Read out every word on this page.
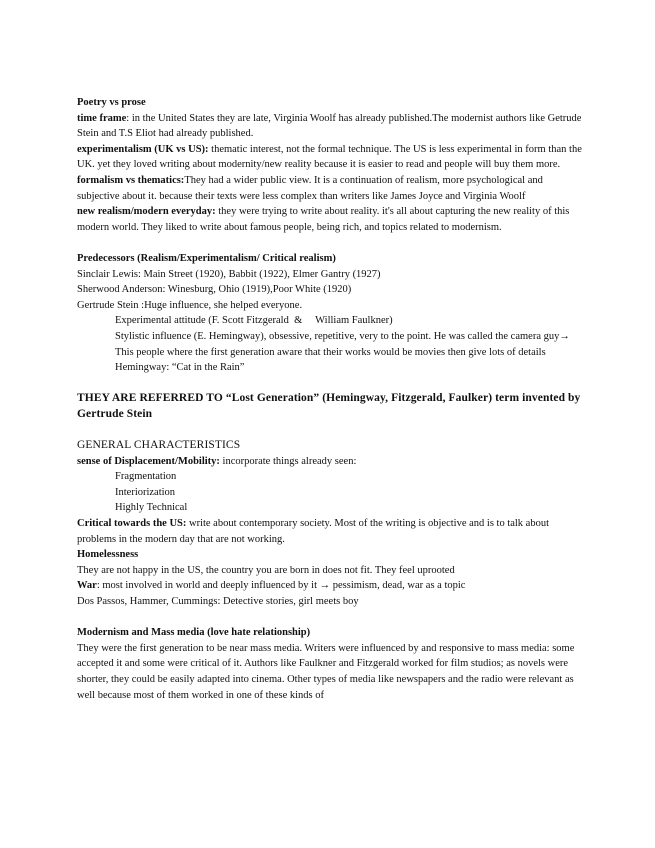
Poetry vs prose
time frame: in the United States they are late, Virginia Woolf has already published.The modernist authors like Getrude Stein and T.S Eliot had already published.
experimentalism (UK vs US): thematic interest, not the formal technique. The US is less experimental in form than the UK. yet they loved writing about modernity/new reality because it is easier to read and people will buy them more.
formalism vs thematics:They had a wider public view. It is a continuation of realism, more psychological and subjective about it. because their texts were less complex than writers like James Joyce and Virginia Woolf
new realism/modern everyday: they were trying to write about reality. it's all about capturing the new reality of this modern world. They liked to write about famous people, being rich, and topics related to modernism.
Predecessors (Realism/Experimentalism/ Critical realism)
Sinclair Lewis: Main Street (1920), Babbit (1922), Elmer Gantry (1927)
Sherwood Anderson: Winesburg, Ohio (1919),Poor White (1920)
Gertrude Stein :Huge influence, she helped everyone.
Experimental attitude (F. Scott Fitzgerald  &     William Faulkner)
Stylistic influence (E. Hemingway), obsessive, repetitive, very to the point. He was called the camera guy→ This people where the first generation aware that their works would be movies then give lots of details
Hemingway: “Cat in the Rain”
THEY ARE REFERRED TO “Lost Generation” (Hemingway, Fitzgerald, Faulker) term invented by Gertrude Stein
GENERAL CHARACTERISTICS
sense of Displacement/Mobility: incorporate things already seen:
Fragmentation
Interiorization
Highly Technical
Critical towards the US: write about contemporary society. Most of the writing is objective and is to talk about problems in the modern day that are not working.
Homelessness
They are not happy in the US, the country you are born in does not fit. They feel uprooted
War: most involved in world and deeply influenced by it → pessimism, dead, war as a topic
Dos Passos, Hammer, Cummings: Detective stories, girl meets boy
Modernism and Mass media (love hate relationship)
They were the first generation to be near mass media. Writers were influenced by and responsive to mass media: some accepted it and some were critical of it. Authors like Faulkner and Fitzgerald worked for film studios; as novels were shorter, they could be easily adapted into cinema. Other types of media like newspapers and the radio were relevant as well because most of them worked in one of these kinds of
